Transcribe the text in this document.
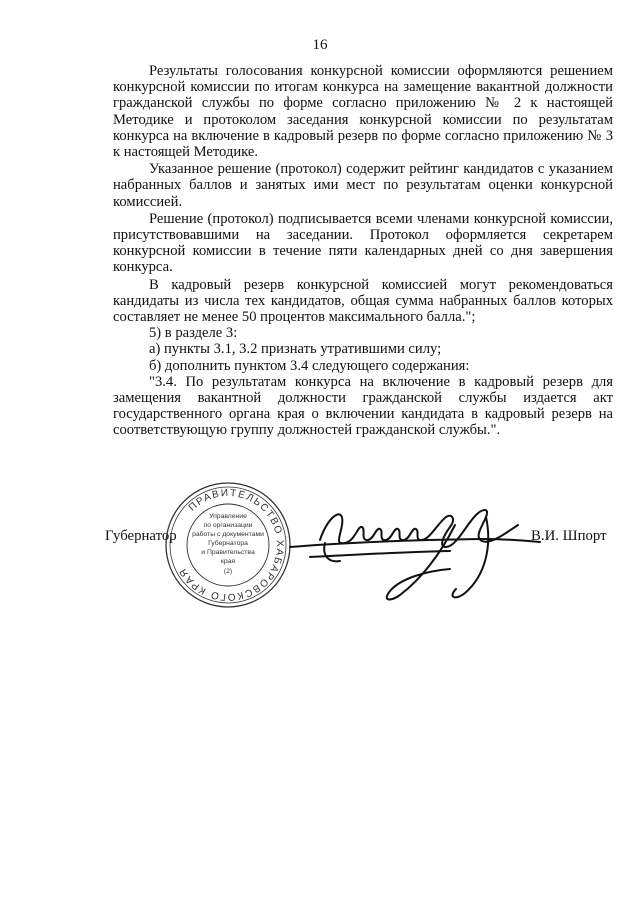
16

Результаты голосования конкурсной комиссии оформляются решением конкурсной комиссии по итогам конкурса на замещение вакантной должности гражданской службы по форме согласно приложению № 2 к настоящей Методике и протоколом заседания конкурсной комиссии по результатам конкурса на включение в кадровый резерв по форме согласно приложению № 3 к настоящей Методике.

Указанное решение (протокол) содержит рейтинг кандидатов с указанием набранных баллов и занятых ими мест по результатам оценки конкурсной комиссией.

Решение (протокол) подписывается всеми членами конкурсной комиссии, присутствовавшими на заседании. Протокол оформляется секретарем конкурсной комиссии в течение пяти календарных дней со дня завершения конкурса.

В кадровый резерв конкурсной комиссией могут рекомендоваться кандидаты из числа тех кандидатов, общая сумма набранных баллов которых составляет не менее 50 процентов максимального балла.";

5) в разделе 3:

а) пункты 3.1, 3.2 признать утратившими силу;

б) дополнить пунктом 3.4 следующего содержания:

"3.4. По результатам конкурса на включение в кадровый резерв для замещения вакантной должности гражданской службы издается акт государственного органа края о включении кандидата в кадровый резерв на соответствующую группу должностей гражданской службы.".

Губернатор	В.И. Шпорт
ПРАВИТЕЛЬСТВО ХАБАРОВСКОГО КРАЯ
Управление
по организации
работы с документами
Губернатора
и Правительства
края
(2)
